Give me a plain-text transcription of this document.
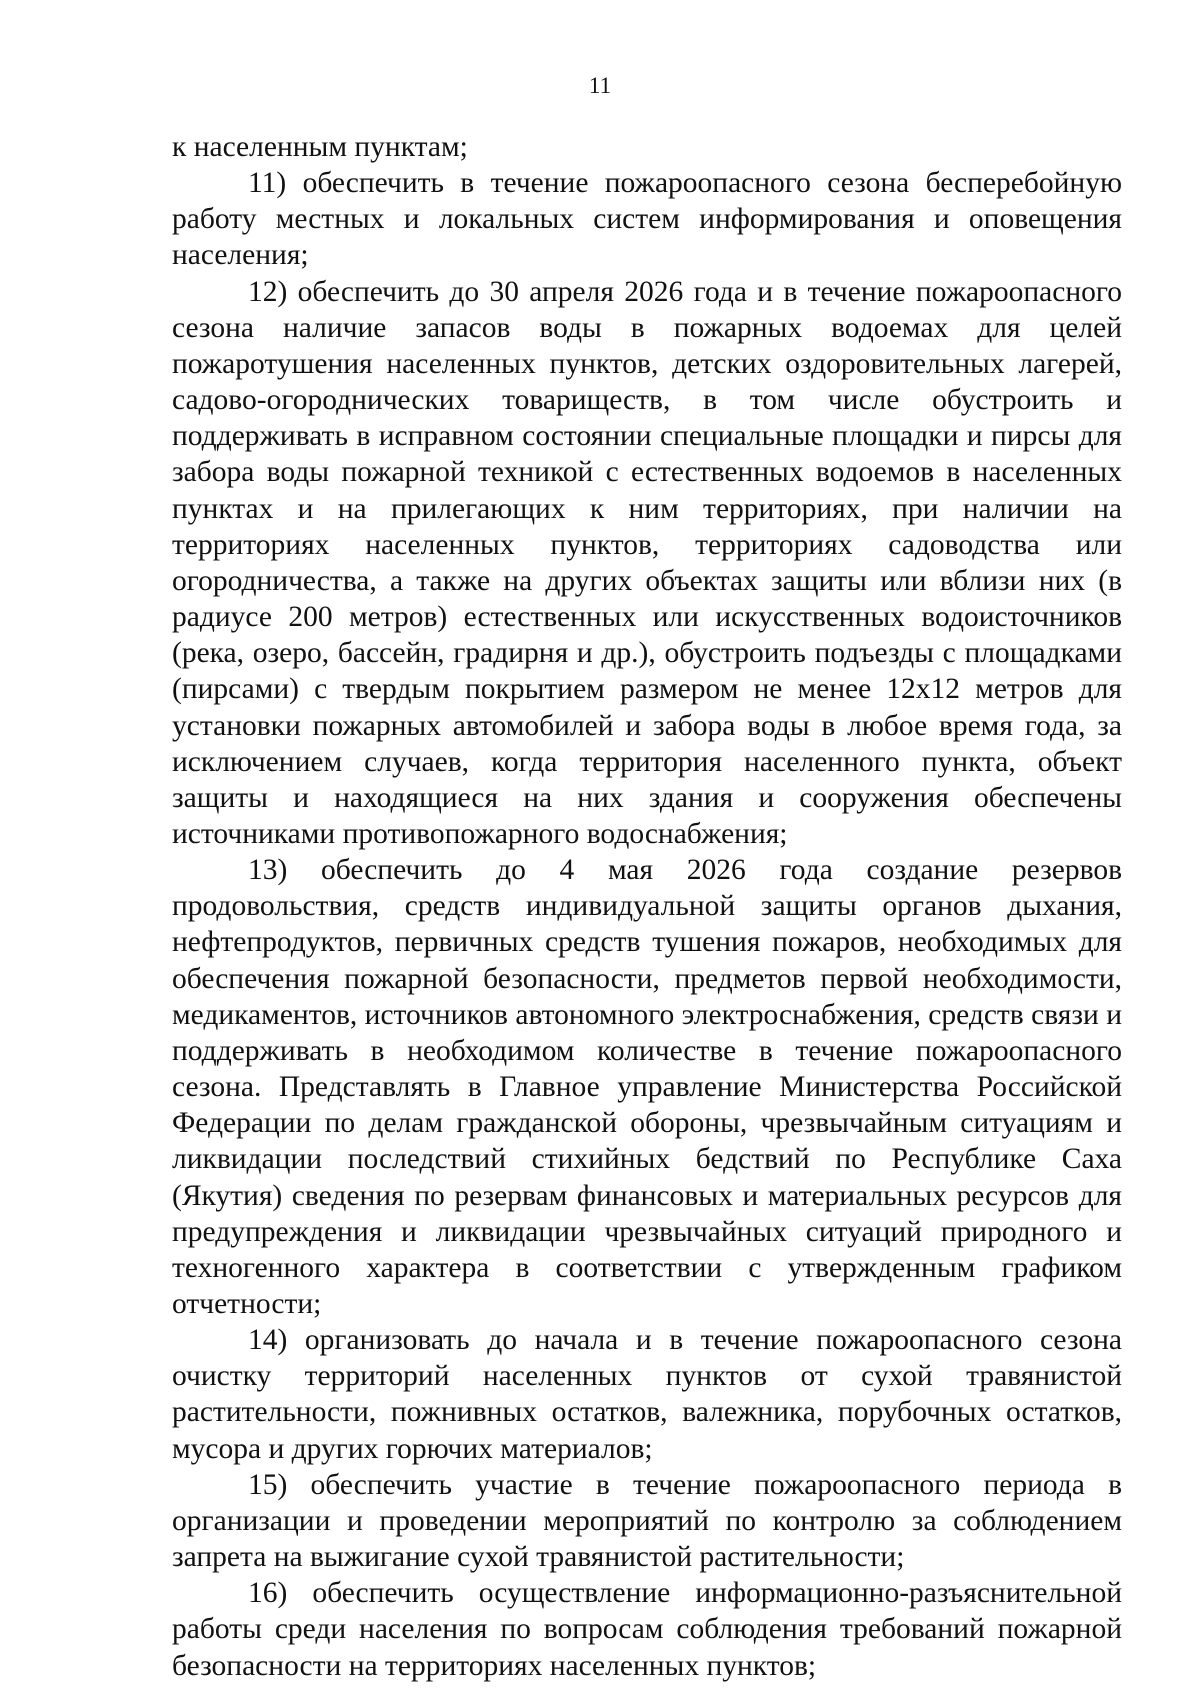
11

к населенным пунктам;

11) обеспечить в течение пожароопасного сезона бесперебойную работу местных и локальных систем информирования и оповещения населения;

12) обеспечить до 30 апреля 2026 года и в течение пожароопасного сезона наличие запасов воды в пожарных водоемах для целей пожаротушения населенных пунктов, детских оздоровительных лагерей, садово-огороднических товариществ, в том числе обустроить и поддерживать в исправном состоянии специальные площадки и пирсы для забора воды пожарной техникой с естественных водоемов в населенных пунктах и на прилегающих к ним территориях, при наличии на территориях населенных пунктов, территориях садоводства или огородничества, а также на других объектах защиты или вблизи них (в радиусе 200 метров) естественных или искусственных водоисточников (река, озеро, бассейн, градирня и др.), обустроить подъезды с площадками (пирсами) с твердым покрытием размером не менее 12х12 метров для установки пожарных автомобилей и забора воды в любое время года, за исключением случаев, когда территория населенного пункта, объект защиты и находящиеся на них здания и сооружения обеспечены источниками противопожарного водоснабжения;

13) обеспечить до 4 мая 2026 года создание резервов продовольствия, средств индивидуальной защиты органов дыхания, нефтепродуктов, первичных средств тушения пожаров, необходимых для обеспечения пожарной безопасности, предметов первой необходимости, медикаментов, источников автономного электроснабжения, средств связи и поддерживать в необходимом количестве в течение пожароопасного сезона. Представлять в Главное управление Министерства Российской Федерации по делам гражданской обороны, чрезвычайным ситуациям и ликвидации последствий стихийных бедствий по Республике Саха (Якутия) сведения по резервам финансовых и материальных ресурсов для предупреждения и ликвидации чрезвычайных ситуаций природного и техногенного характера в соответствии с утвержденным графиком отчетности;

14) организовать до начала и в течение пожароопасного сезона очистку территорий населенных пунктов от сухой травянистой растительности, пожнивных остатков, валежника, порубочных остатков, мусора и других горючих материалов;

15) обеспечить участие в течение пожароопасного периода в организации и проведении мероприятий по контролю за соблюдением запрета на выжигание сухой травянистой растительности;

16) обеспечить осуществление информационно-разъяснительной работы среди населения по вопросам соблюдения требований пожарной безопасности на территориях населенных пунктов;
